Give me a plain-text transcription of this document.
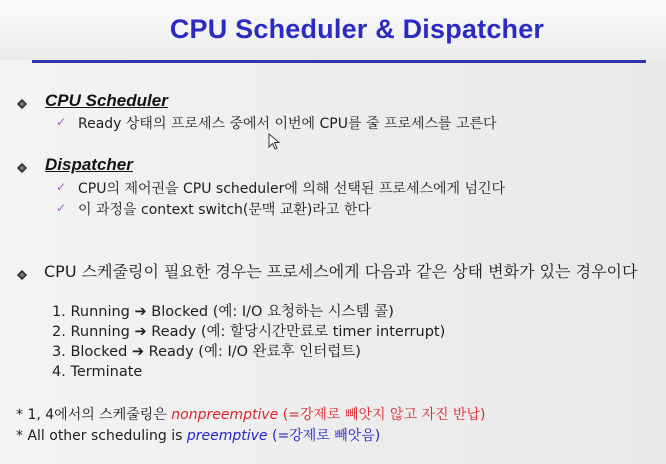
CPU Scheduler & Dispatcher
CPU Scheduler
✓ Ready 상태의 프로세스 중에서 이번에 CPU를 줄 프로세스를 고른다
Dispatcher
✓ CPU의 제어권을 CPU scheduler에 의해 선택된 프로세스에게 넘긴다
✓ 이 과정을 context switch(문맥 교환)라고 한다
CPU 스케줄링이 필요한 경우는 프로세스에게 다음과 같은 상태 변화가 있는 경우이다
1. Running ➔ Blocked (예: I/O 요청하는 시스템 콜)
2. Running ➔ Ready (예: 할당시간만료로 timer interrupt)
3. Blocked ➔ Ready (예: I/O 완료후 인터럽트)
4. Terminate
* 1, 4에서의 스케줄링은 nonpreemptive (=강제로 빼앗지 않고 자진 반납)
* All other scheduling is preemptive (=강제로 빼앗음)
